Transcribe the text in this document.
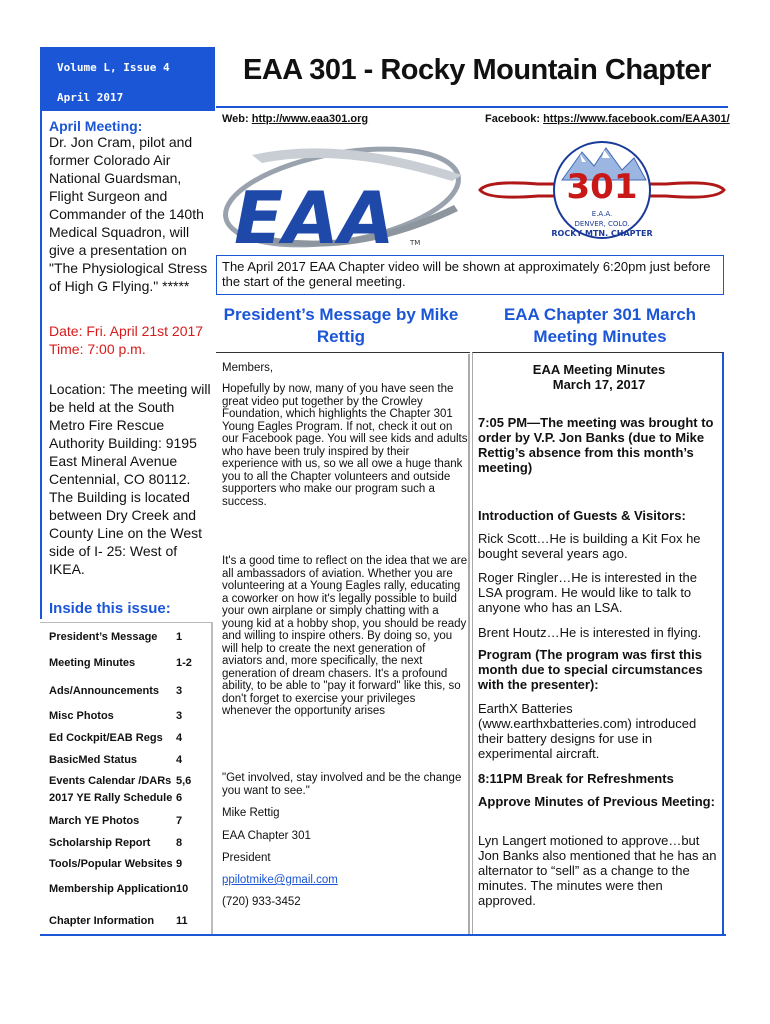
Volume L, Issue 4
April 2017
EAA 301 - Rocky Mountain Chapter
Web: http://www.eaa301.org	Facebook: https://www.facebook.com/EAA301/
April Meeting:
Dr. Jon Cram, pilot and former Colorado Air National Guardsman, Flight Surgeon and Commander of the 140th Medical Squadron, will give a presentation on "The Physiological Stress of High G Flying." *****
Date: Fri. April 21st 2017
Time: 7:00 p.m.
Location: The meeting will be held at the South Metro Fire Rescue Authority Building: 9195 East Mineral Avenue Centennial, CO 80112. The Building is located between Dry Creek and County Line on the West side of I- 25: West of IKEA.
Inside this issue:
President’s Message 1
Meeting Minutes	1-2
Ads/Announcements 3
Misc Photos	3
Ed Cockpit/EAB Regs 4
BasicMed Status	4
Events Calendar /DARs 5,6
2017 YE Rally Schedule 6
March YE Photos	7
Scholarship Report 8
Tools/Popular Websites 9
Membership Application 10
Chapter Information 11
EAA TM
301
E.A.A.
DENVER, COLO.
ROCKY MTN. CHAPTER
The April 2017 EAA Chapter video will be shown at approximately 6:20pm just before the start of the general meeting.
President’s Message by Mike Rettig
Members,
Hopefully by now, many of you have seen the great video put together by the Crowley Foundation, which highlights the Chapter 301 Young Eagles Program. If not, check it out on our Facebook page. You will see kids and adults who have been truly inspired by their experience with us, so we all owe a huge thank you to all the Chapter volunteers and outside supporters who make our program such a success.
It's a good time to reflect on the idea that we are all ambassadors of aviation. Whether you are volunteering at a Young Eagles rally, educating a coworker on how it's legally possible to build your own airplane or simply chatting with a young kid at a hobby shop, you should be ready and willing to inspire others. By doing so, you will help to create the next generation of aviators and, more specifically, the next generation of dream chasers. It's a profound ability, to be able to "pay it forward" like this, so don't forget to exercise your privileges whenever the opportunity arises
"Get involved, stay involved and be the change you want to see."
Mike Rettig
EAA Chapter 301
President
ppilotmike@gmail.com
(720) 933-3452
EAA Chapter 301 March Meeting Minutes
EAA Meeting Minutes
March 17, 2017
7:05 PM—The meeting was brought to order by V.P. Jon Banks (due to Mike Rettig’s absence from this month’s meeting)
Introduction of Guests & Visitors:
Rick Scott…He is building a Kit Fox he bought several years ago.
Roger Ringler…He is interested in the LSA program. He would like to talk to anyone who has an LSA.
Brent Houtz…He is interested in flying.
Program (The program was first this month due to special circumstances with the presenter):
EarthX Batteries (www.earthxbatteries.com) introduced their battery designs for use in experimental aircraft.
8:11PM Break for Refreshments
Approve Minutes of Previous Meeting:
Lyn Langert motioned to approve…but Jon Banks also mentioned that he has an alternator to “sell” as a change to the minutes. The minutes were then approved.
